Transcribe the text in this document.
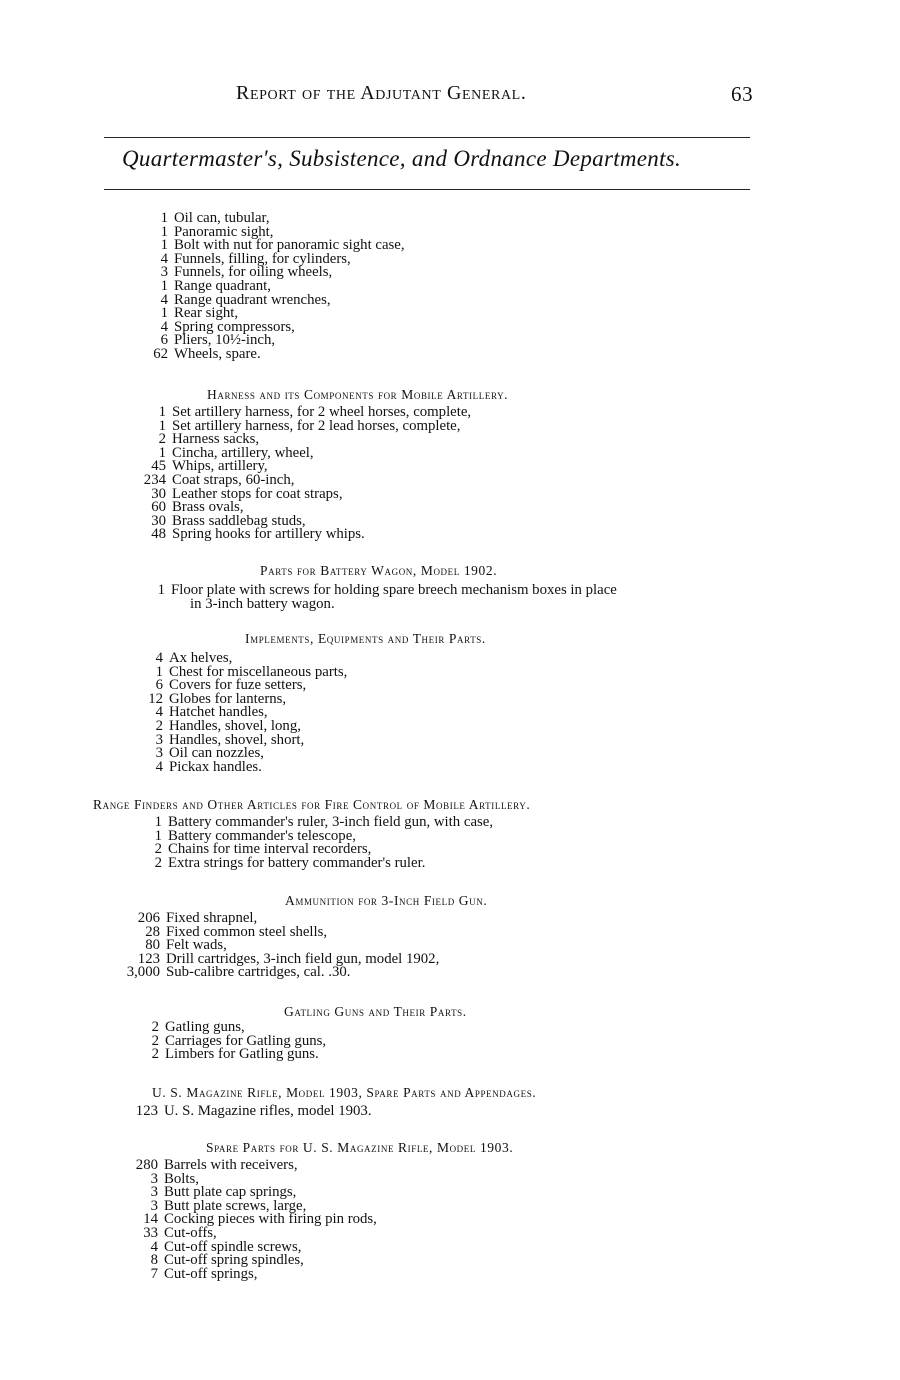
Report of the Adjutant General.	63
Quartermaster's, Subsistence, and Ordnance Departments.
1 Oil can, tubular,
1 Panoramic sight,
1 Bolt with nut for panoramic sight case,
4 Funnels, filling, for cylinders,
3 Funnels, for oiling wheels,
1 Range quadrant,
4 Range quadrant wrenches,
1 Rear sight,
4 Spring compressors,
6 Pliers, 10½-inch,
62 Wheels, spare.
Harness and its Components for Mobile Artillery.
1 Set artillery harness, for 2 wheel horses, complete,
1 Set artillery harness, for 2 lead horses, complete,
2 Harness sacks,
1 Cincha, artillery, wheel,
45 Whips, artillery,
234 Coat straps, 60-inch,
30 Leather stops for coat straps,
60 Brass ovals,
30 Brass saddlebag studs,
48 Spring hooks for artillery whips.
Parts for Battery Wagon, Model 1902.
1 Floor plate with screws for holding spare breech mechanism boxes in place
in 3-inch battery wagon.
Implements, Equipments and Their Parts.
4 Ax helves,
1 Chest for miscellaneous parts,
6 Covers for fuze setters,
12 Globes for lanterns,
4 Hatchet handles,
2 Handles, shovel, long,
3 Handles, shovel, short,
3 Oil can nozzles,
4 Pickax handles.
Range Finders and Other Articles for Fire Control of Mobile Artillery.
1 Battery commander's ruler, 3-inch field gun, with case,
1 Battery commander's telescope,
2 Chains for time interval recorders,
2 Extra strings for battery commander's ruler.
Ammunition for 3-Inch Field Gun.
206 Fixed shrapnel,
28 Fixed common steel shells,
80 Felt wads,
123 Drill cartridges, 3-inch field gun, model 1902,
3,000 Sub-calibre cartridges, cal. .30.
Gatling Guns and Their Parts.
2 Gatling guns,
2 Carriages for Gatling guns,
2 Limbers for Gatling guns.
U. S. Magazine Rifle, Model 1903, Spare Parts and Appendages.
123 U. S. Magazine rifles, model 1903.
Spare Parts for U. S. Magazine Rifle, Model 1903.
280 Barrels with receivers,
3 Bolts,
3 Butt plate cap springs,
3 Butt plate screws, large,
14 Cocking pieces with firing pin rods,
33 Cut-offs,
4 Cut-off spindle screws,
8 Cut-off spring spindles,
7 Cut-off springs,
